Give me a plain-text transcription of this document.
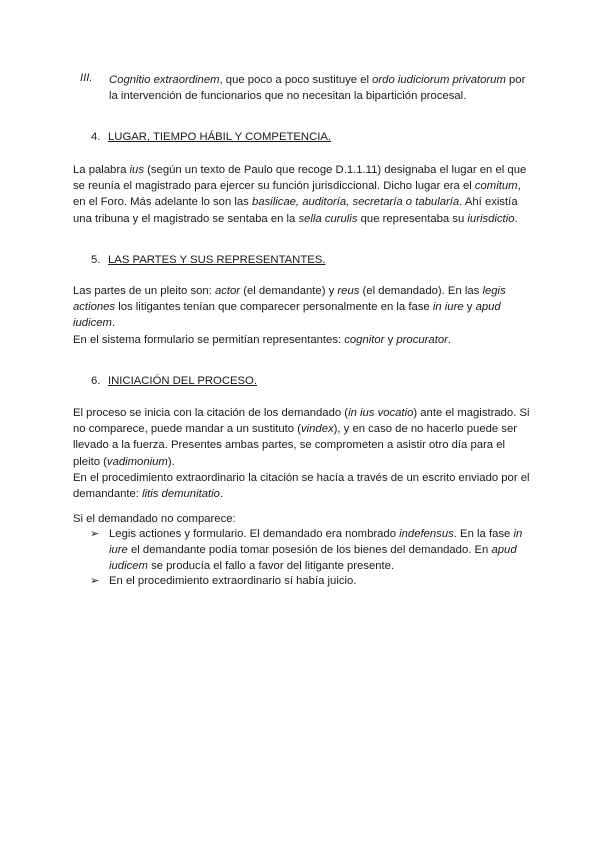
III. Cognitio extraordinem, que poco a poco sustituye el ordo iudiciorum privatorum por la intervención de funcionarios que no necesitan la bipartición procesal.
4. LUGAR, TIEMPO HÁBIL Y COMPETENCIA.
La palabra ius (según un texto de Paulo que recoge D.1.1.11) designaba el lugar en el que se reunía el magistrado para ejercer su función jurisdiccional. Dicho lugar era el comitum, en el Foro. Más adelante lo son las basilicae, auditoría, secretaría o tabularía. Ahí existía una tribuna y el magistrado se sentaba en la sella curulis que representaba su iurisdictio.
5. LAS PARTES Y SUS REPRESENTANTES.
Las partes de un pleito son: actor (el demandante) y reus (el demandado). En las legis actiones los litigantes tenían que comparecer personalmente en la fase in iure y apud iudicem.
En el sistema formulario se permitían representantes: cognitor y procurator.
6. INICIACIÓN DEL PROCESO.
El proceso se inicia con la citación de los demandado (in ius vocatio) ante el magistrado. Si no comparece, puede mandar a un sustituto (vindex), y en caso de no hacerlo puede ser llevado a la fuerza. Presentes ambas partes, se comprometen a asistir otro día para el pleito (vadimonium).
En el procedimiento extraordinario la citación se hacía a través de un escrito enviado por el demandante: litis demunitatio.
Si el demandado no comparece:
➢ Legis actiones y formulario. El demandado era nombrado indefensus. En la fase in iure el demandante podía tomar posesión de los bienes del demandado. En apud iudicem se producía el fallo a favor del litigante presente.
➢ En el procedimiento extraordinario sí había juicio.
